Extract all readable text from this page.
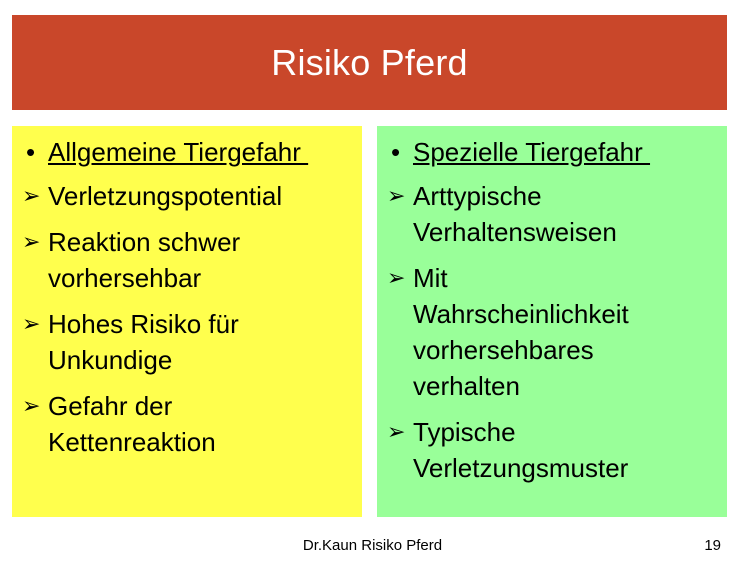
Risiko Pferd
• Allgemeine Tiergefahr
➢ Verletzungspotential
➢ Reaktion schwer
vorhersehbar
➢ Hohes Risiko für
Unkundige
➢ Gefahr der
Kettenreaktion
• Spezielle Tiergefahr
➢ Arttypische
Verhaltensweisen
➢ Mit
Wahrscheinlichkeit
vorhersehbares
verhalten
➢ Typische
Verletzungsmuster
Dr.Kaun Risiko Pferd	19
